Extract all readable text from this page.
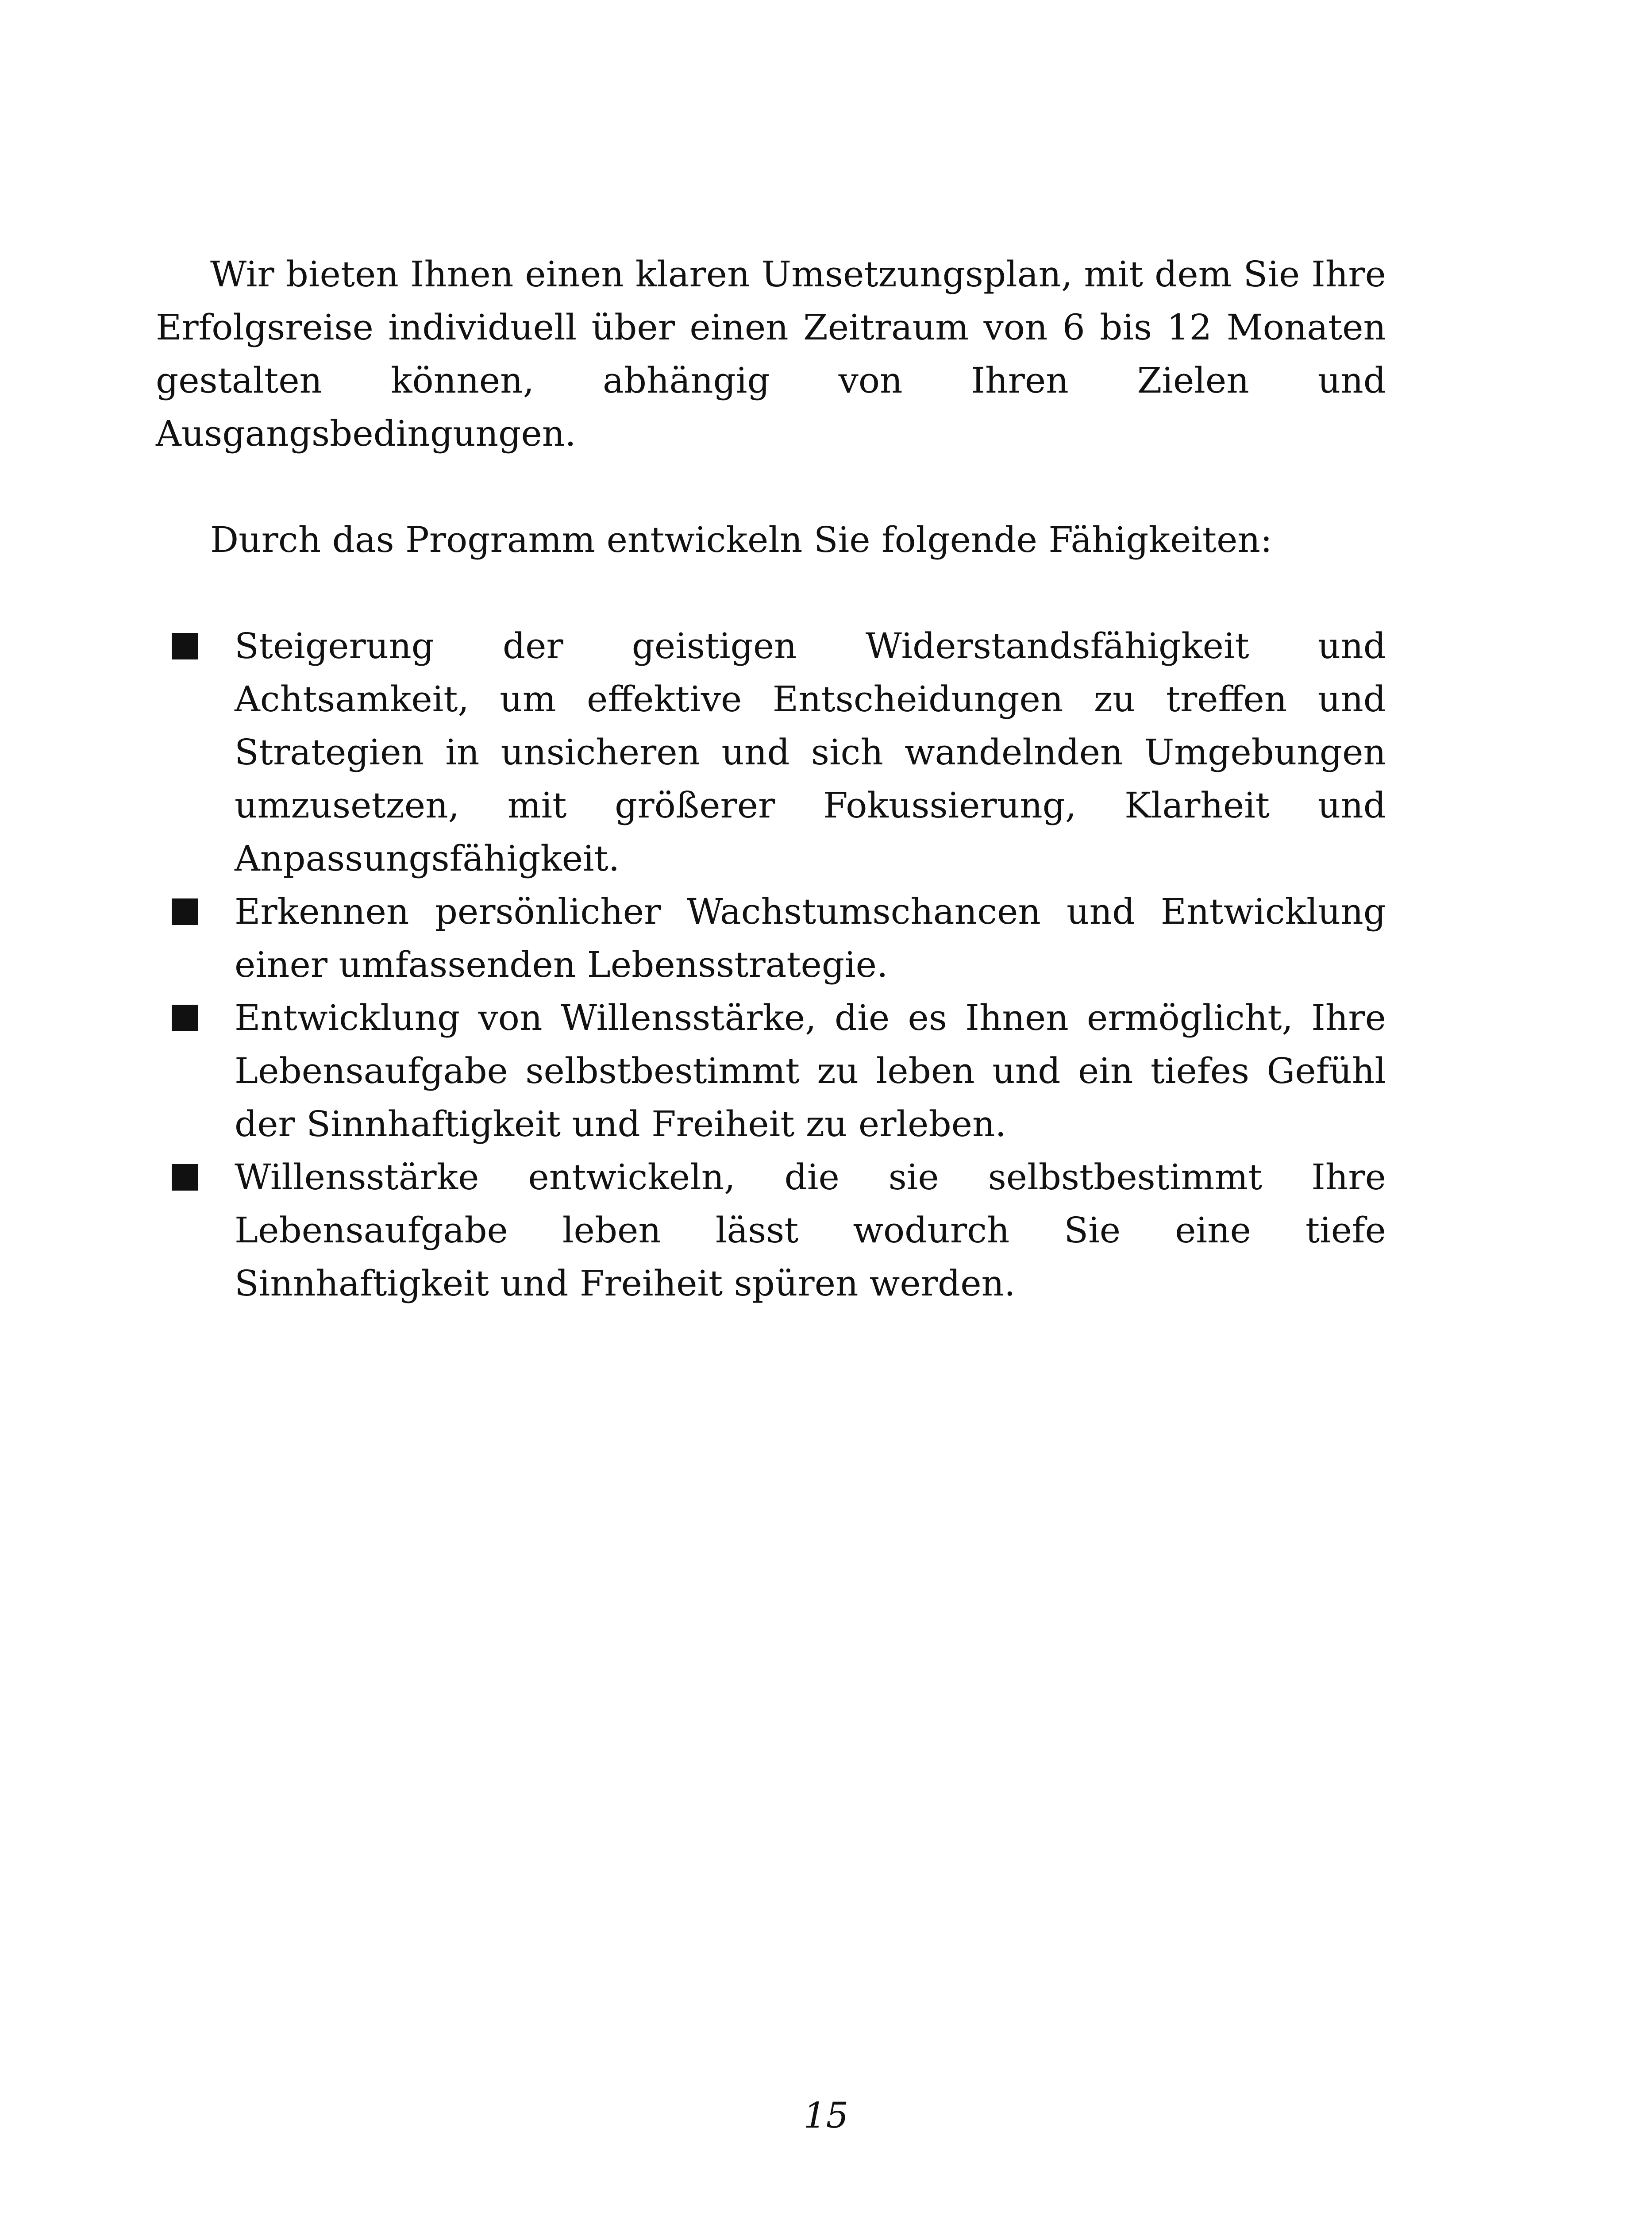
Wir bieten Ihnen einen klaren Umsetzungsplan, mit dem Sie Ihre Erfolgsreise individuell über einen Zeitraum von 6 bis 12 Monaten gestalten können, abhängig von Ihren Zielen und Ausgangsbedingungen.

Durch das Programm entwickeln Sie folgende Fähigkeiten:

Steigerung der geistigen Widerstandsfähigkeit und Achtsamkeit, um effektive Entscheidungen zu treffen und Strategien in unsicheren und sich wandelnden Umgebungen umzusetzen, mit größerer Fokussierung, Klarheit und Anpassungsfähigkeit.
Erkennen persönlicher Wachstumschancen und Entwicklung einer umfassenden Lebensstrategie.
Entwicklung von Willensstärke, die es Ihnen ermöglicht, Ihre Lebensaufgabe selbstbestimmt zu leben und ein tiefes Gefühl der Sinnhaftigkeit und Freiheit zu erleben.
Willensstärke entwickeln, die sie selbstbestimmt Ihre Lebensaufgabe leben lässt wodurch Sie eine tiefe Sinnhaftigkeit und Freiheit spüren werden.
15
